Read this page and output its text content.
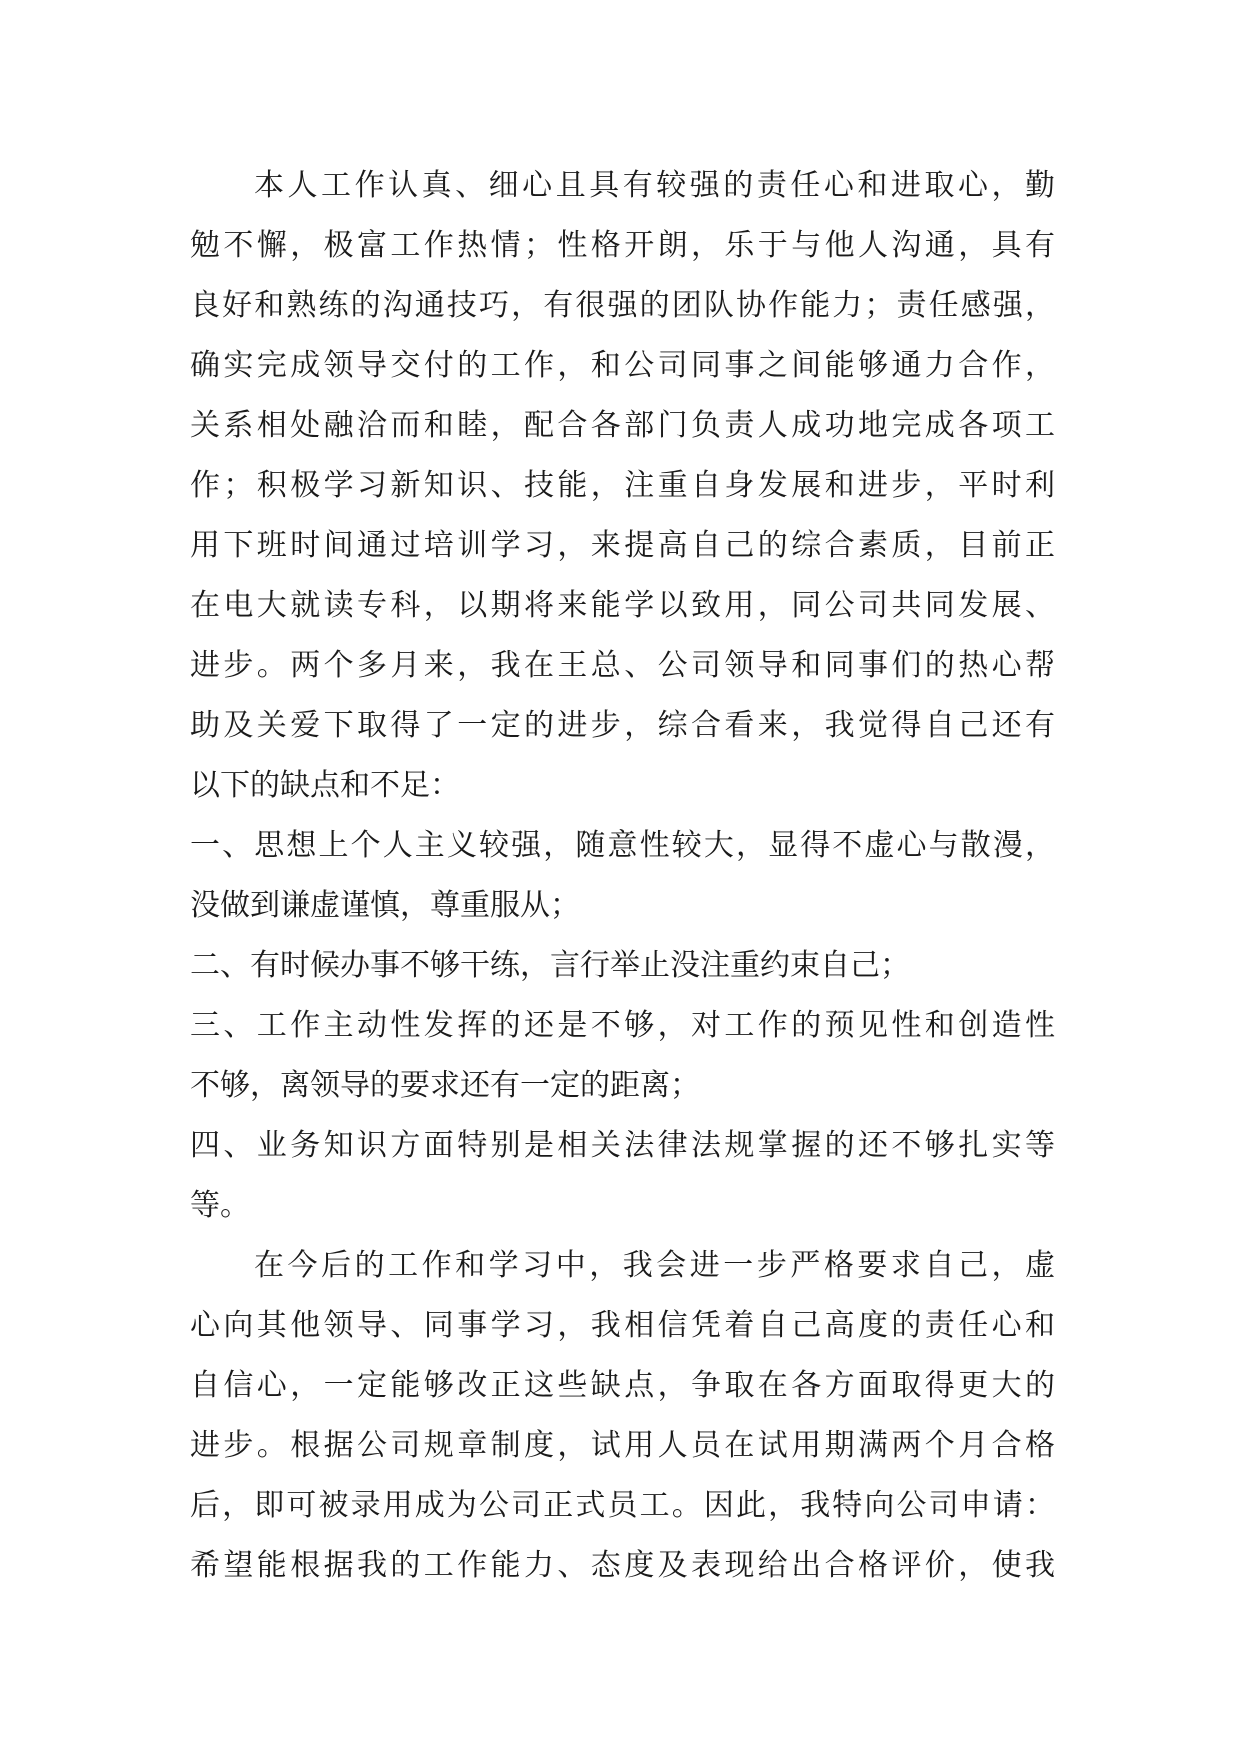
本人工作认真、细心且具有较强的责任心和进取心，勤
勉不懈，极富工作热情；性格开朗，乐于与他人沟通，具有
良好和熟练的沟通技巧，有很强的团队协作能力；责任感强，
确实完成领导交付的工作，和公司同事之间能够通力合作，
关系相处融洽而和睦，配合各部门负责人成功地完成各项工
作；积极学习新知识、技能，注重自身发展和进步，平时利
用下班时间通过培训学习，来提高自己的综合素质，目前正
在电大就读专科，以期将来能学以致用，同公司共同发展、
进步。两个多月来，我在王总、公司领导和同事们的热心帮
助及关爱下取得了一定的进步，综合看来，我觉得自己还有
以下的缺点和不足：
一、思想上个人主义较强，随意性较大，显得不虚心与散漫，
没做到谦虚谨慎，尊重服从；
二、有时候办事不够干练，言行举止没注重约束自己；
三、工作主动性发挥的还是不够，对工作的预见性和创造性
不够，离领导的要求还有一定的距离；
四、业务知识方面特别是相关法律法规掌握的还不够扎实等
等。
在今后的工作和学习中，我会进一步严格要求自己，虚
心向其他领导、同事学习，我相信凭着自己高度的责任心和
自信心，一定能够改正这些缺点，争取在各方面取得更大的
进步。根据公司规章制度，试用人员在试用期满两个月合格
后，即可被录用成为公司正式员工。因此，我特向公司申请：
希望能根据我的工作能力、态度及表现给出合格评价，使我
